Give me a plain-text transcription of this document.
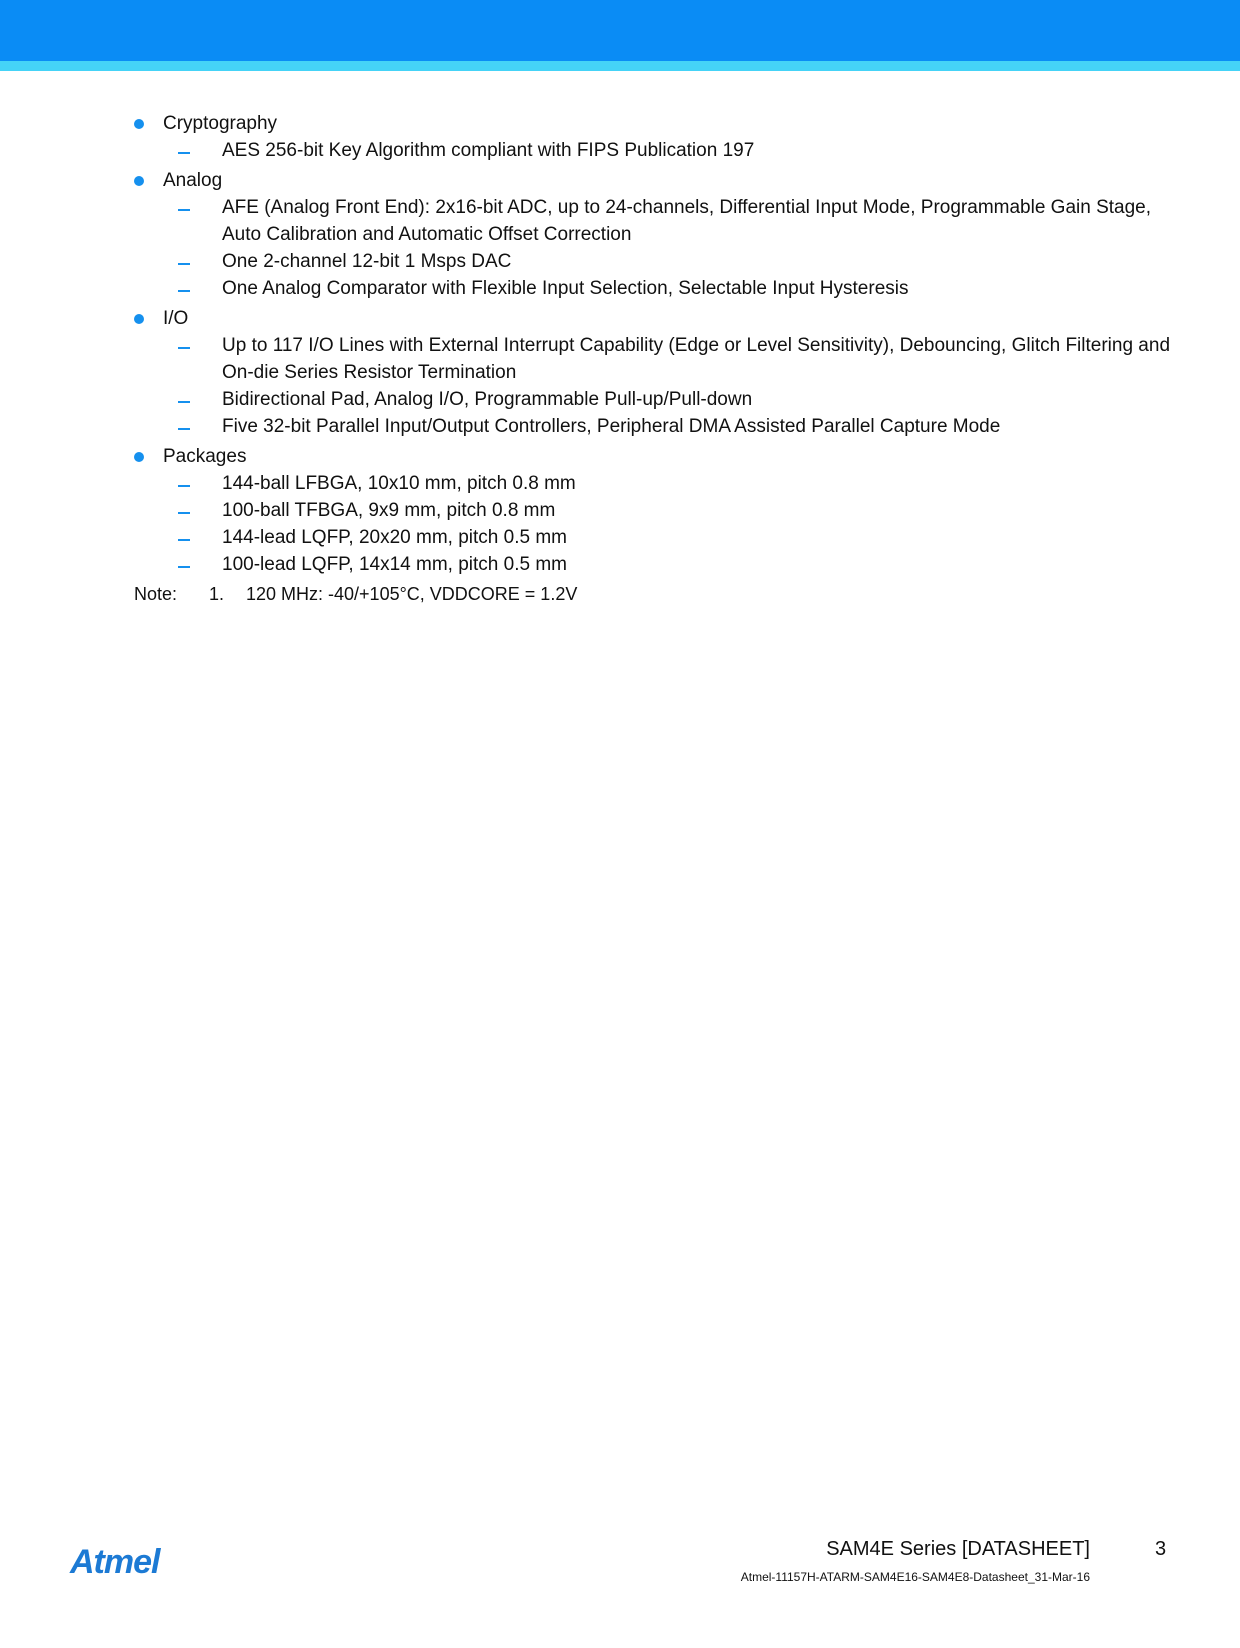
Cryptography
AES 256-bit Key Algorithm compliant with FIPS Publication 197
Analog
AFE (Analog Front End): 2x16-bit ADC, up to 24-channels, Differential Input Mode, Programmable Gain Stage, Auto Calibration and Automatic Offset Correction
One 2-channel 12-bit 1 Msps DAC
One Analog Comparator with Flexible Input Selection, Selectable Input Hysteresis
I/O
Up to 117 I/O Lines with External Interrupt Capability (Edge or Level Sensitivity), Debouncing, Glitch Filtering and On-die Series Resistor Termination
Bidirectional Pad, Analog I/O, Programmable Pull-up/Pull-down
Five 32-bit Parallel Input/Output Controllers, Peripheral DMA Assisted Parallel Capture Mode
Packages
144-ball LFBGA, 10x10 mm, pitch 0.8 mm
100-ball TFBGA, 9x9 mm, pitch 0.8 mm
144-lead LQFP, 20x20 mm, pitch 0.5 mm
100-lead LQFP, 14x14 mm, pitch 0.5 mm
Note:	1.	120 MHz: -40/+105°C, VDDCORE = 1.2V
Atmel	SAM4E Series [DATASHEET]	3
Atmel-11157H-ATARM-SAM4E16-SAM4E8-Datasheet_31-Mar-16
